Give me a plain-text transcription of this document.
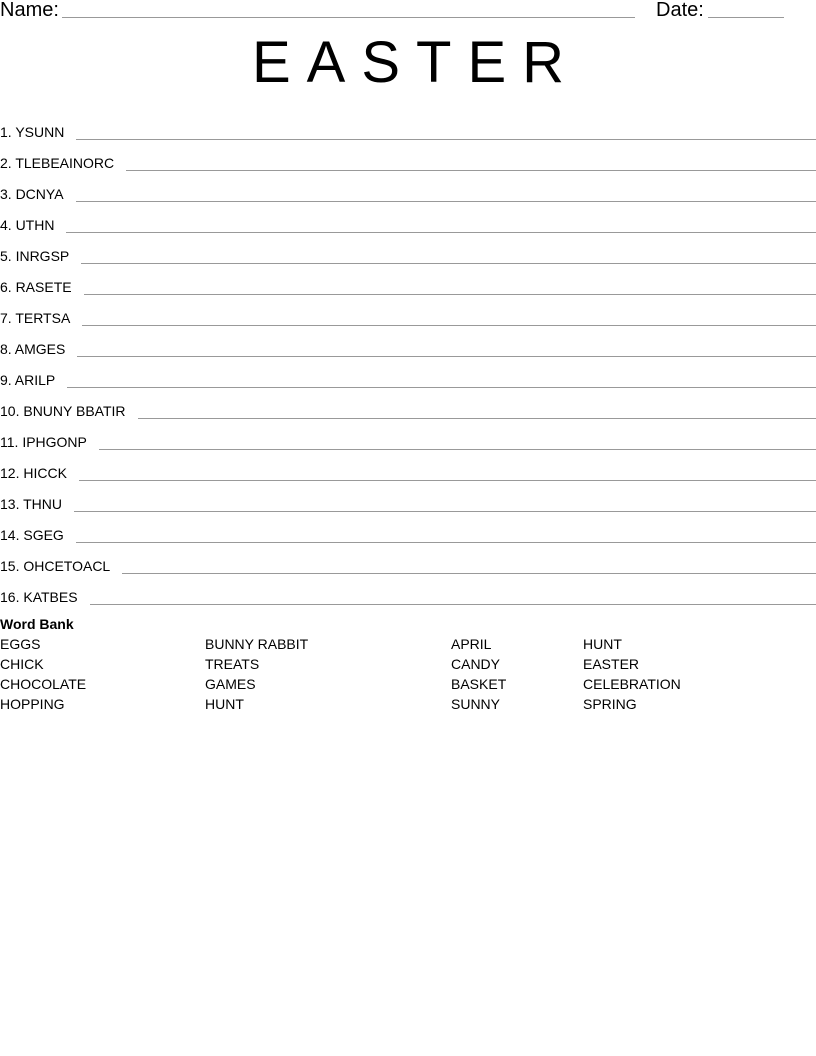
Name:	Date:
EASTER
1. YSUNN
2. TLEBEAINORC
3. DCNYA
4. UTHN
5. INRGSP
6. RASETE
7. TERTSA
8. AMGES
9. ARILP
10. BNUNY BBATIR
11. IPHGONP
12. HICCK
13. THNU
14. SGEG
15. OHCETOACL
16. KATBES
Word Bank
EGGS	BUNNY RABBIT	APRIL	HUNT
CHICK	TREATS	CANDY	EASTER
CHOCOLATE	GAMES	BASKET	CELEBRATION
HOPPING	HUNT	SUNNY	SPRING
